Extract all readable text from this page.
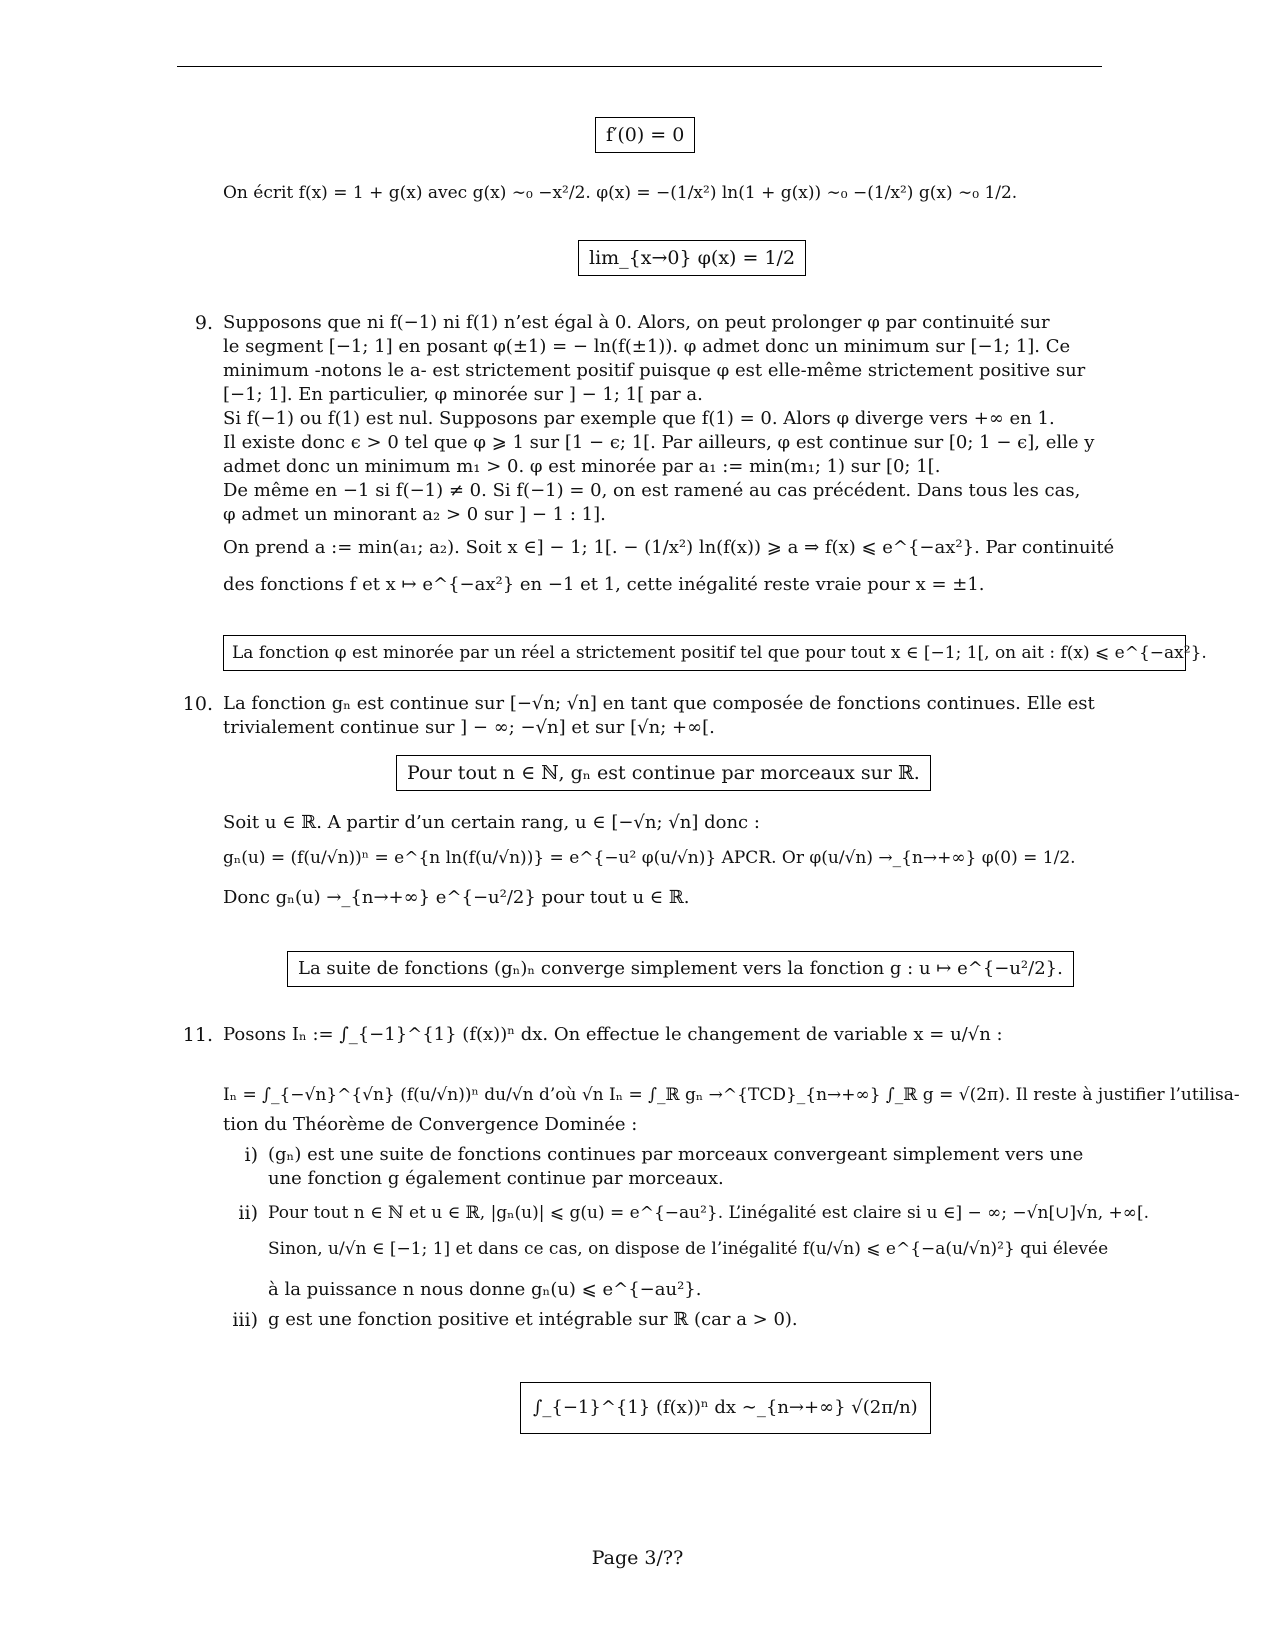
f′(0) = 0
On écrit f(x) = 1 + g(x) avec g(x) ∼₀ −x²/2. φ(x) = −(1/x²) ln(1 + g(x)) ∼₀ −(1/x²) g(x) ∼₀ 1/2.
lim_{x→0} φ(x) = 1/2
9. Supposons que ni f(−1) ni f(1) n’est égal à 0. Alors, on peut prolonger φ par continuité sur
le segment [−1; 1] en posant φ(±1) = − ln(f(±1)). φ admet donc un minimum sur [−1; 1]. Ce
minimum -notons le a- est strictement positif puisque φ est elle-même strictement positive sur
[−1; 1]. En particulier, φ minorée sur ] − 1; 1[ par a.
Si f(−1) ou f(1) est nul. Supposons par exemple que f(1) = 0. Alors φ diverge vers +∞ en 1.
Il existe donc ϵ > 0 tel que φ ⩾ 1 sur [1 − ϵ; 1[. Par ailleurs, φ est continue sur [0; 1 − ϵ], elle y
admet donc un minimum m₁ > 0. φ est minorée par a₁ := min(m₁; 1) sur [0; 1[.
De même en −1 si f(−1) ≠ 0. Si f(−1) = 0, on est ramené au cas précédent. Dans tous les cas,
φ admet un minorant a₂ > 0 sur ] − 1 : 1].
On prend a := min(a₁; a₂). Soit x ∈] − 1; 1[. − (1/x²) ln(f(x)) ⩾ a ⇒ f(x) ⩽ e^{−ax²}. Par continuité
des fonctions f et x ↦ e^{−ax²} en −1 et 1, cette inégalité reste vraie pour x = ±1.
La fonction φ est minorée par un réel a strictement positif tel que pour tout x ∈ [−1; 1[, on ait : f(x) ⩽ e^{−ax²}.
10. La fonction gₙ est continue sur [−√n; √n] en tant que composée de fonctions continues. Elle est
trivialement continue sur ] − ∞; −√n] et sur [√n; +∞[.
Pour tout n ∈ ℕ, gₙ est continue par morceaux sur ℝ.
Soit u ∈ ℝ. A partir d’un certain rang, u ∈ [−√n; √n] donc :
gₙ(u) = (f(u/√n))ⁿ = e^{n ln(f(u/√n))} = e^{−u² φ(u/√n)} APCR. Or φ(u/√n) →_{n→+∞} φ(0) = 1/2.
Donc gₙ(u) →_{n→+∞} e^{−u²/2} pour tout u ∈ ℝ.
La suite de fonctions (gₙ)ₙ converge simplement vers la fonction g : u ↦ e^{−u²/2}.
11. Posons Iₙ := ∫_{−1}^{1} (f(x))ⁿ dx. On effectue le changement de variable x = u/√n :
Iₙ = ∫_{−√n}^{√n} (f(u/√n))ⁿ du/√n d’où √n Iₙ = ∫_ℝ gₙ →^{TCD}_{n→+∞} ∫_ℝ g = √(2π). Il reste à justifier l’utilisa-
tion du Théorème de Convergence Dominée :
i) (gₙ) est une suite de fonctions continues par morceaux convergeant simplement vers une
une fonction g également continue par morceaux.
ii) Pour tout n ∈ ℕ et u ∈ ℝ, |gₙ(u)| ⩽ g(u) = e^{−au²}. L’inégalité est claire si u ∈] − ∞; −√n[∪]√n, +∞[.
Sinon, u/√n ∈ [−1; 1] et dans ce cas, on dispose de l’inégalité f(u/√n) ⩽ e^{−a(u/√n)²} qui élevée
à la puissance n nous donne gₙ(u) ⩽ e^{−au²}.
iii) g est une fonction positive et intégrable sur ℝ (car a > 0).
∫_{−1}^{1} (f(x))ⁿ dx ∼_{n→+∞} √(2π/n)
Page 3/??
